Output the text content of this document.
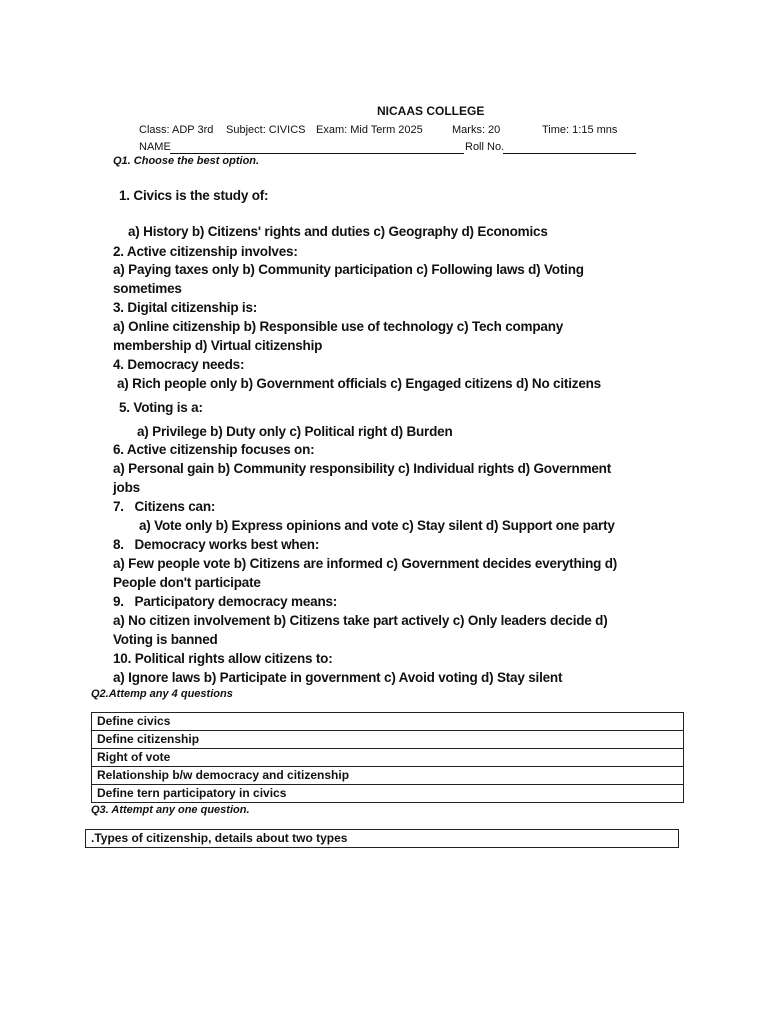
NICAAS COLLEGE
Class: ADP 3rd Subject: CIVICS Exam: Mid Term 2025	Marks: 20	Time: 1:15 mns
NAME	Roll No.
Q1. Choose the best option.
1. Civics is the study of:
a) History b) Citizens' rights and duties c) Geography d) Economics
2. Active citizenship involves:
a) Paying taxes only b) Community participation c) Following laws d) Voting
sometimes
3. Digital citizenship is:
a) Online citizenship b) Responsible use of technology c) Tech company
membership d) Virtual citizenship
4. Democracy needs:
a) Rich people only b) Government officials c) Engaged citizens d) No citizens
5. Voting is a:
a) Privilege b) Duty only c) Political right d) Burden
6. Active citizenship focuses on:
a) Personal gain b) Community responsibility c) Individual rights d) Government
jobs
7.   Citizens can:
a) Vote only b) Express opinions and vote c) Stay silent d) Support one party
8.   Democracy works best when:
a) Few people vote b) Citizens are informed c) Government decides everything d)
People don't participate
9.   Participatory democracy means:
a) No citizen involvement b) Citizens take part actively c) Only leaders decide d)
Voting is banned
10. Political rights allow citizens to:
a) Ignore laws b) Participate in government c) Avoid voting d) Stay silent
Q2.Attemp any 4 questions
Define civics
Define citizenship
Right of vote
Relationship b/w democracy and citizenship
Define tern participatory in civics
Q3. Attempt any one question.
.Types of citizenship, details about two types
